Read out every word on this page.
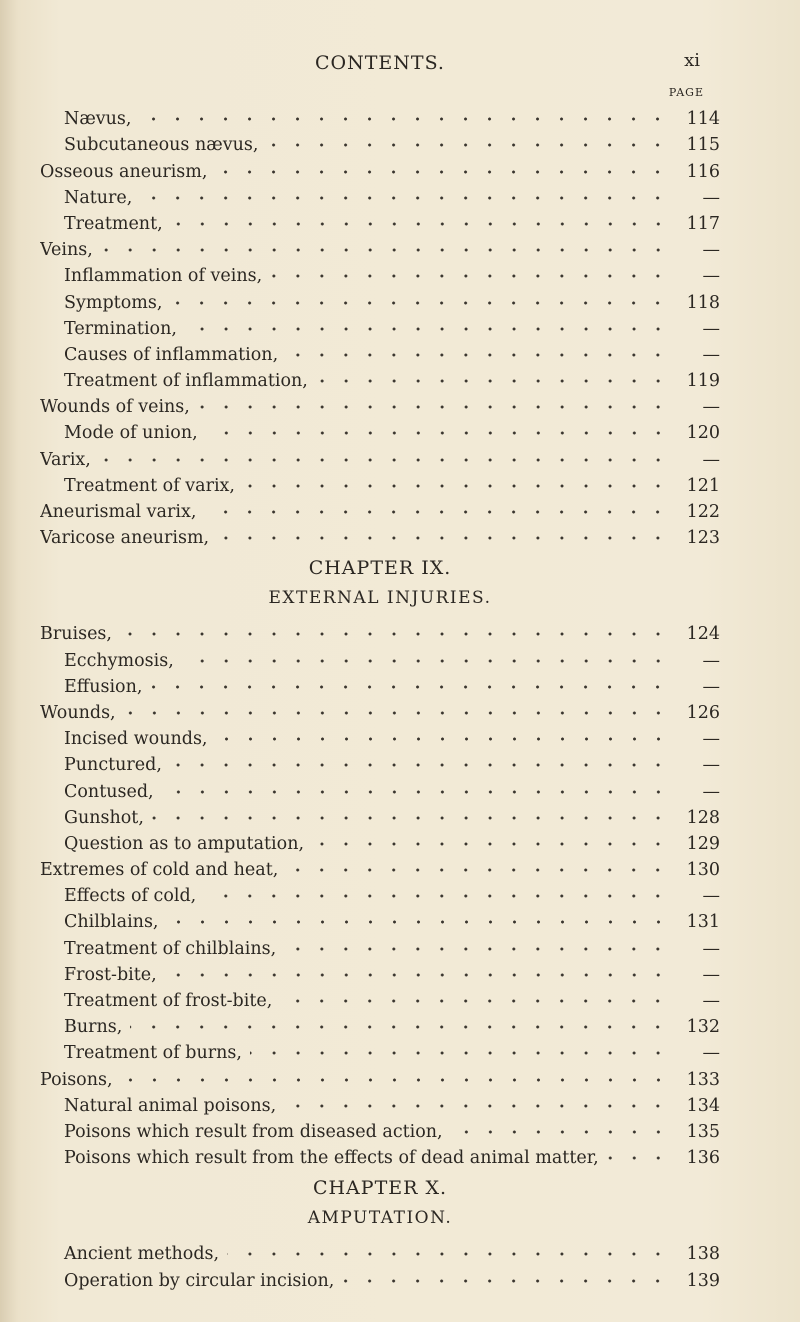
CONTENTS.	xi
PAGE
Nævus,	114
Subcutaneous nævus,	115
Osseous aneurism,	116
Nature,	—
Treatment,	117
Veins,	—
Inflammation of veins,	—
Symptoms,	118
Termination,	—
Causes of inflammation,	—
Treatment of inflammation,	119
Wounds of veins,	—
Mode of union,	120
Varix,	—
Treatment of varix,	121
Aneurismal varix,	122
Varicose aneurism,	123
CHAPTER IX.
EXTERNAL INJURIES.
Bruises,	124
Ecchymosis,	—
Effusion,	—
Wounds,	126
Incised wounds,	—
Punctured,	—
Contused,	—
Gunshot,	128
Question as to amputation,	129
Extremes of cold and heat,	130
Effects of cold,	—
Chilblains,	131
Treatment of chilblains,	—
Frost-bite,	—
Treatment of frost-bite,	—
Burns,	132
Treatment of burns,	—
Poisons,	133
Natural animal poisons,	134
Poisons which result from diseased action,	135
Poisons which result from the effects of dead animal matter,	136
CHAPTER X.
AMPUTATION.
Ancient methods,	138
Operation by circular incision,	139
